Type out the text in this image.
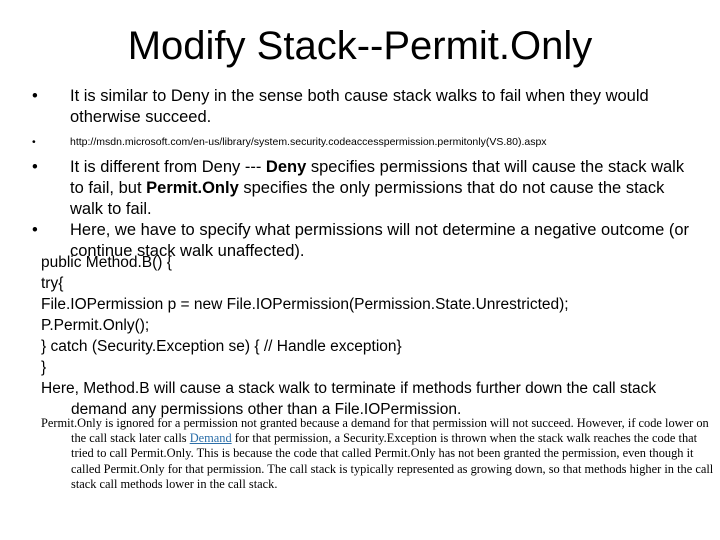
Modify Stack--Permit.Only
• It is similar to Deny in the sense both cause stack walks to fail when they would otherwise succeed.
•	http://msdn.microsoft.com/en-us/library/system.security.codeaccesspermission.permitonly(VS.80).aspx
• It is different from Deny --- Deny specifies permissions that will cause the stack walk to fail, but Permit.Only specifies the only permissions that do not cause the stack walk to fail.
• Here, we have to specify what permissions will not determine a negative outcome (or continue stack walk unaffected).
public Method.B() {
try{
File.IOPermission p = new File.IOPermission(Permission.State.Unrestricted);
P.Permit.Only();
} catch (Security.Exception se) { // Handle exception}
}
Here, Method.B will cause a stack walk to terminate if methods further down the call stack demand any permissions other than a File.IOPermission.
Permit.Only is ignored for a permission not granted because a demand for that permission will not succeed. However, if code lower on the call stack later calls Demand for that permission, a Security.Exception is thrown when the stack walk reaches the code that tried to call Permit.Only. This is because the code that called Permit.Only has not been granted the permission, even though it called Permit.Only for that permission. The call stack is typically represented as growing down, so that methods higher in the call stack call methods lower in the call stack.
